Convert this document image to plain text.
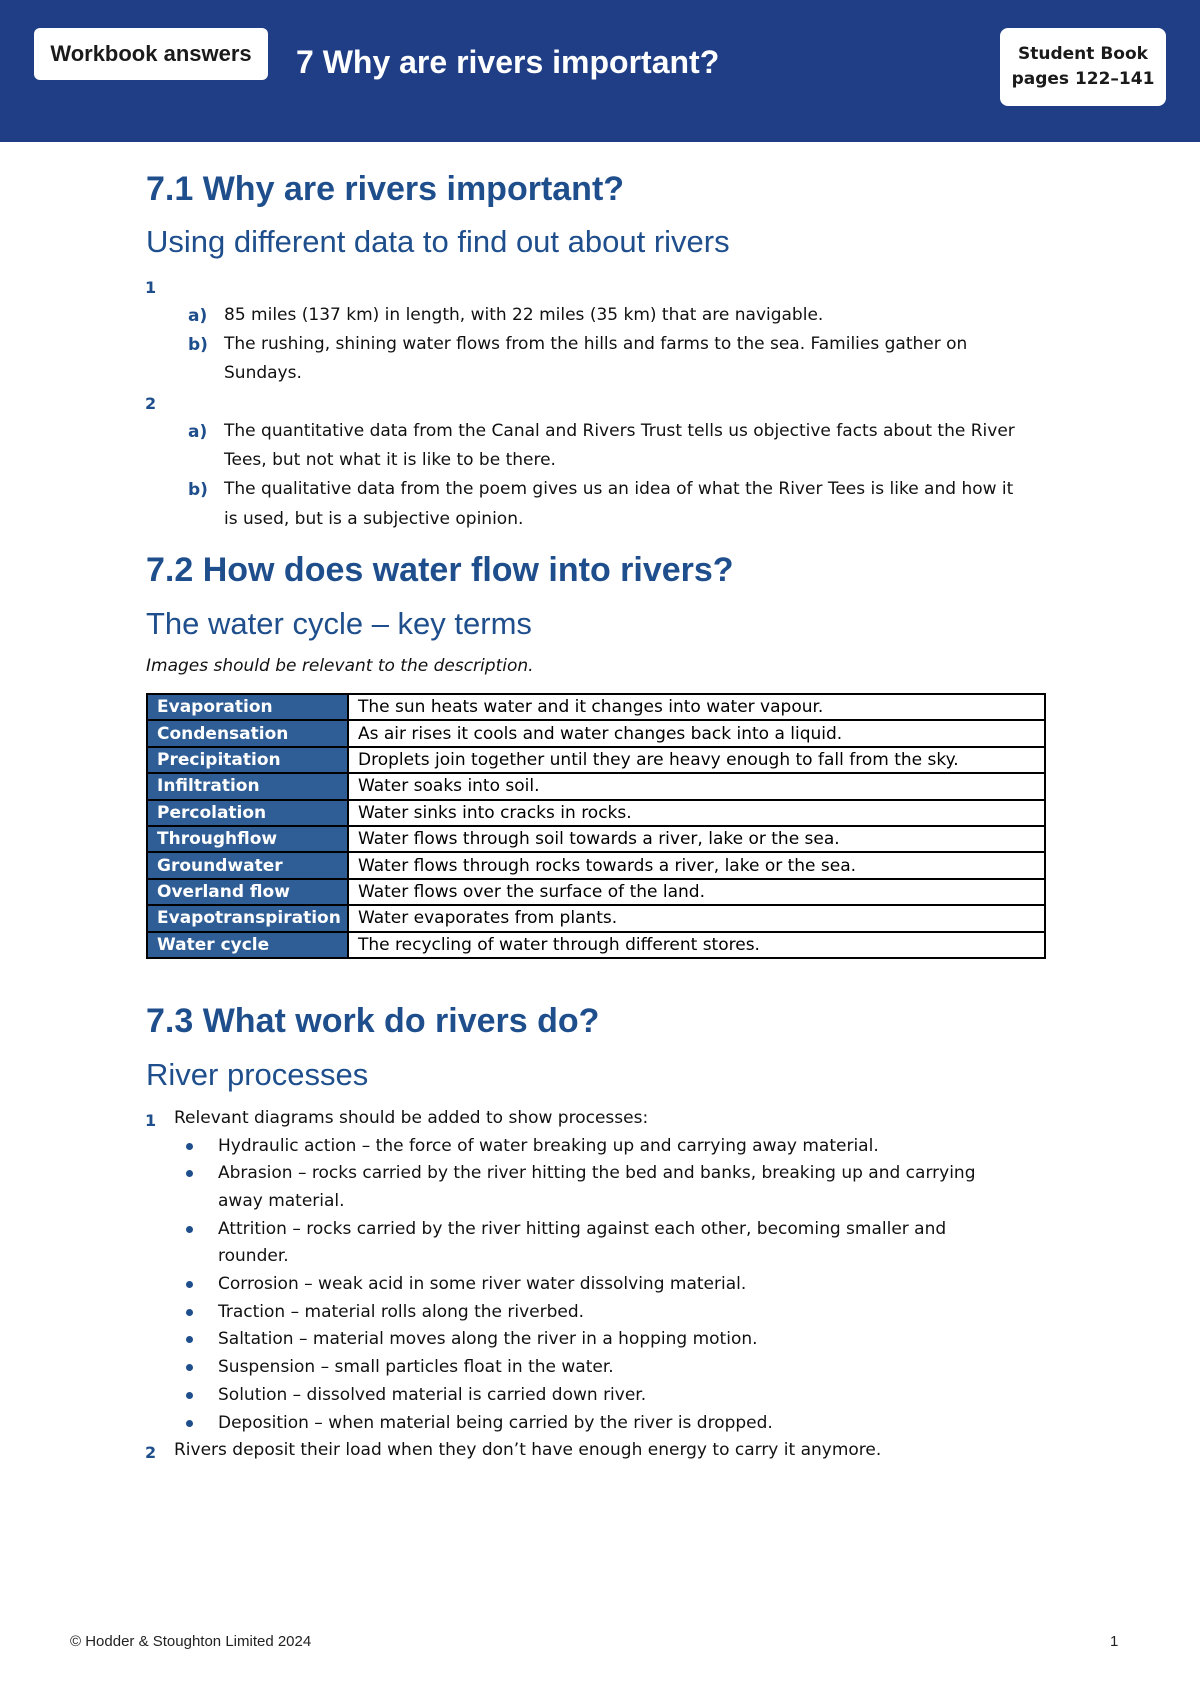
Workbook answers	7 Why are rivers important?	Student Book
pages 122–141
7.1 Why are rivers important?
Using different data to find out about rivers
1
a) 85 miles (137 km) in length, with 22 miles (35 km) that are navigable.
b) The rushing, shining water flows from the hills and farms to the sea. Families gather on
Sundays.
2
a) The quantitative data from the Canal and Rivers Trust tells us objective facts about the River
Tees, but not what it is like to be there.
b) The qualitative data from the poem gives us an idea of what the River Tees is like and how it
is used, but is a subjective opinion.
7.2 How does water flow into rivers?
The water cycle – key terms
Images should be relevant to the description.
Evaporation	The sun heats water and it changes into water vapour.
Condensation	As air rises it cools and water changes back into a liquid.
Precipitation	Droplets join together until they are heavy enough to fall from the sky.
Infiltration	Water soaks into soil.
Percolation	Water sinks into cracks in rocks.
Throughflow	Water flows through soil towards a river, lake or the sea.
Groundwater	Water flows through rocks towards a river, lake or the sea.
Overland flow	Water flows over the surface of the land.
Evapotranspiration	Water evaporates from plants.
Water cycle	The recycling of water through different stores.
7.3 What work do rivers do?
River processes
1 Relevant diagrams should be added to show processes:
Hydraulic action – the force of water breaking up and carrying away material.
Abrasion – rocks carried by the river hitting the bed and banks, breaking up and carrying
away material.
Attrition – rocks carried by the river hitting against each other, becoming smaller and
rounder.
Corrosion – weak acid in some river water dissolving material.
Traction – material rolls along the riverbed.
Saltation – material moves along the river in a hopping motion.
Suspension – small particles float in the water.
Solution – dissolved material is carried down river.
Deposition – when material being carried by the river is dropped.
2 Rivers deposit their load when they don’t have enough energy to carry it anymore.
© Hodder & Stoughton Limited 2024	1
